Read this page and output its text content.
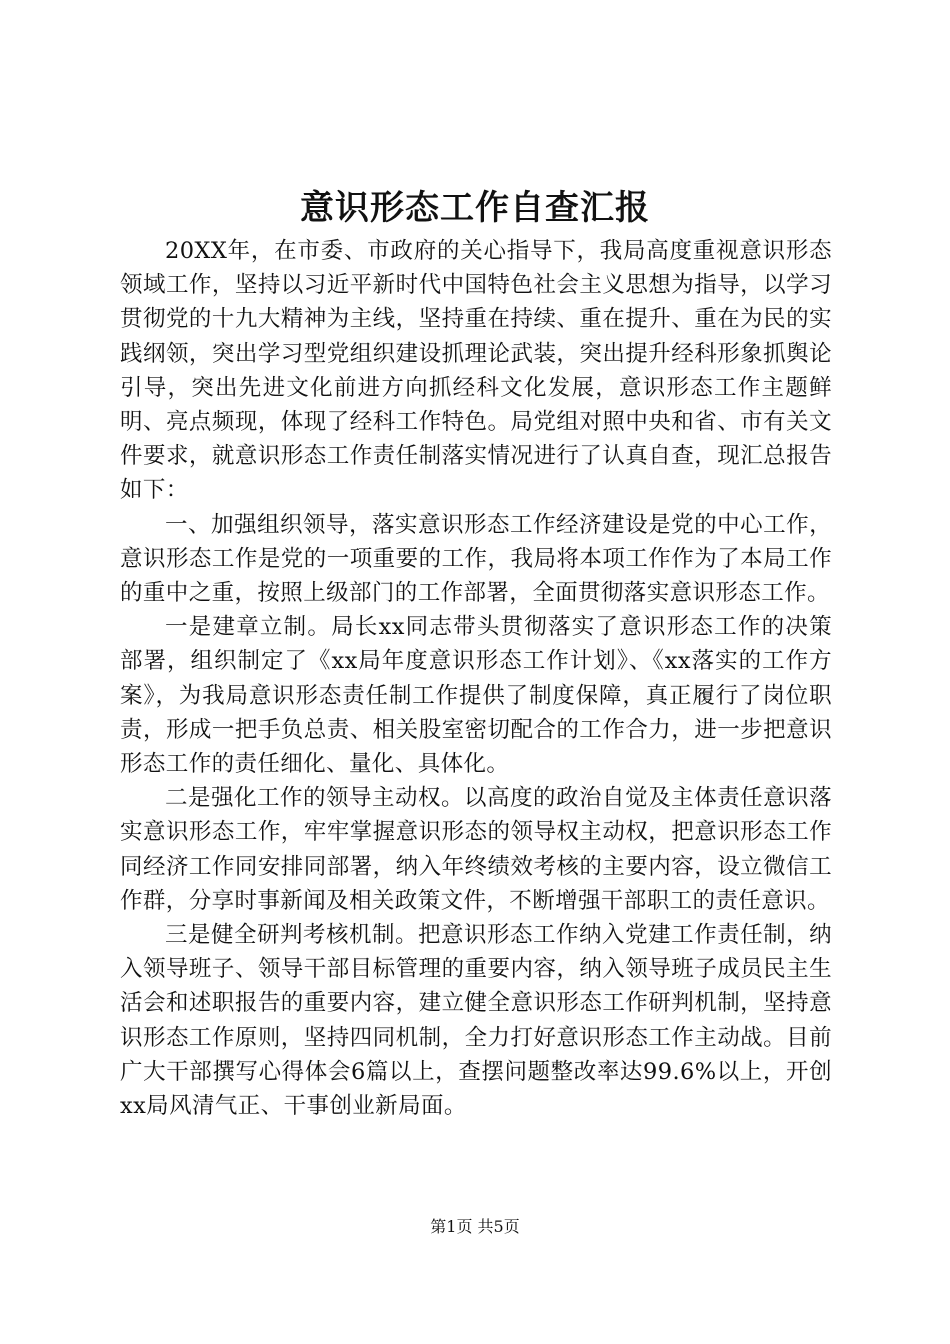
意识形态工作自查汇报

20XX年，在市委、市政府的关心指导下，我局高度重视意识形态领域工作，坚持以习近平新时代中国特色社会主义思想为指导，以学习贯彻党的十九大精神为主线，坚持重在持续、重在提升、重在为民的实践纲领，突出学习型党组织建设抓理论武装，突出提升经科形象抓舆论引导，突出先进文化前进方向抓经科文化发展，意识形态工作主题鲜明、亮点频现，体现了经科工作特色。局党组对照中央和省、市有关文件要求，就意识形态工作责任制落实情况进行了认真自查，现汇总报告如下：

一、加强组织领导，落实意识形态工作经济建设是党的中心工作，意识形态工作是党的一项重要的工作，我局将本项工作作为了本局工作的重中之重，按照上级部门的工作部署，全面贯彻落实意识形态工作。

一是建章立制。局长xx同志带头贯彻落实了意识形态工作的决策部署，组织制定了《xx局年度意识形态工作计划》、《xx落实的工作方案》，为我局意识形态责任制工作提供了制度保障，真正履行了岗位职责，形成一把手负总责、相关股室密切配合的工作合力，进一步把意识形态工作的责任细化、量化、具体化。

二是强化工作的领导主动权。以高度的政治自觉及主体责任意识落实意识形态工作，牢牢掌握意识形态的领导权主动权，把意识形态工作同经济工作同安排同部署，纳入年终绩效考核的主要内容，设立微信工作群，分享时事新闻及相关政策文件，不断增强干部职工的责任意识。

三是健全研判考核机制。把意识形态工作纳入党建工作责任制，纳入领导班子、领导干部目标管理的重要内容，纳入领导班子成员民主生活会和述职报告的重要内容，建立健全意识形态工作研判机制，坚持意识形态工作原则，坚持四同机制，全力打好意识形态工作主动战。目前广大干部撰写心得体会6篇以上，查摆问题整改率达99.6%以上，开创xx局风清气正、干事创业新局面。

第1页 共5页
